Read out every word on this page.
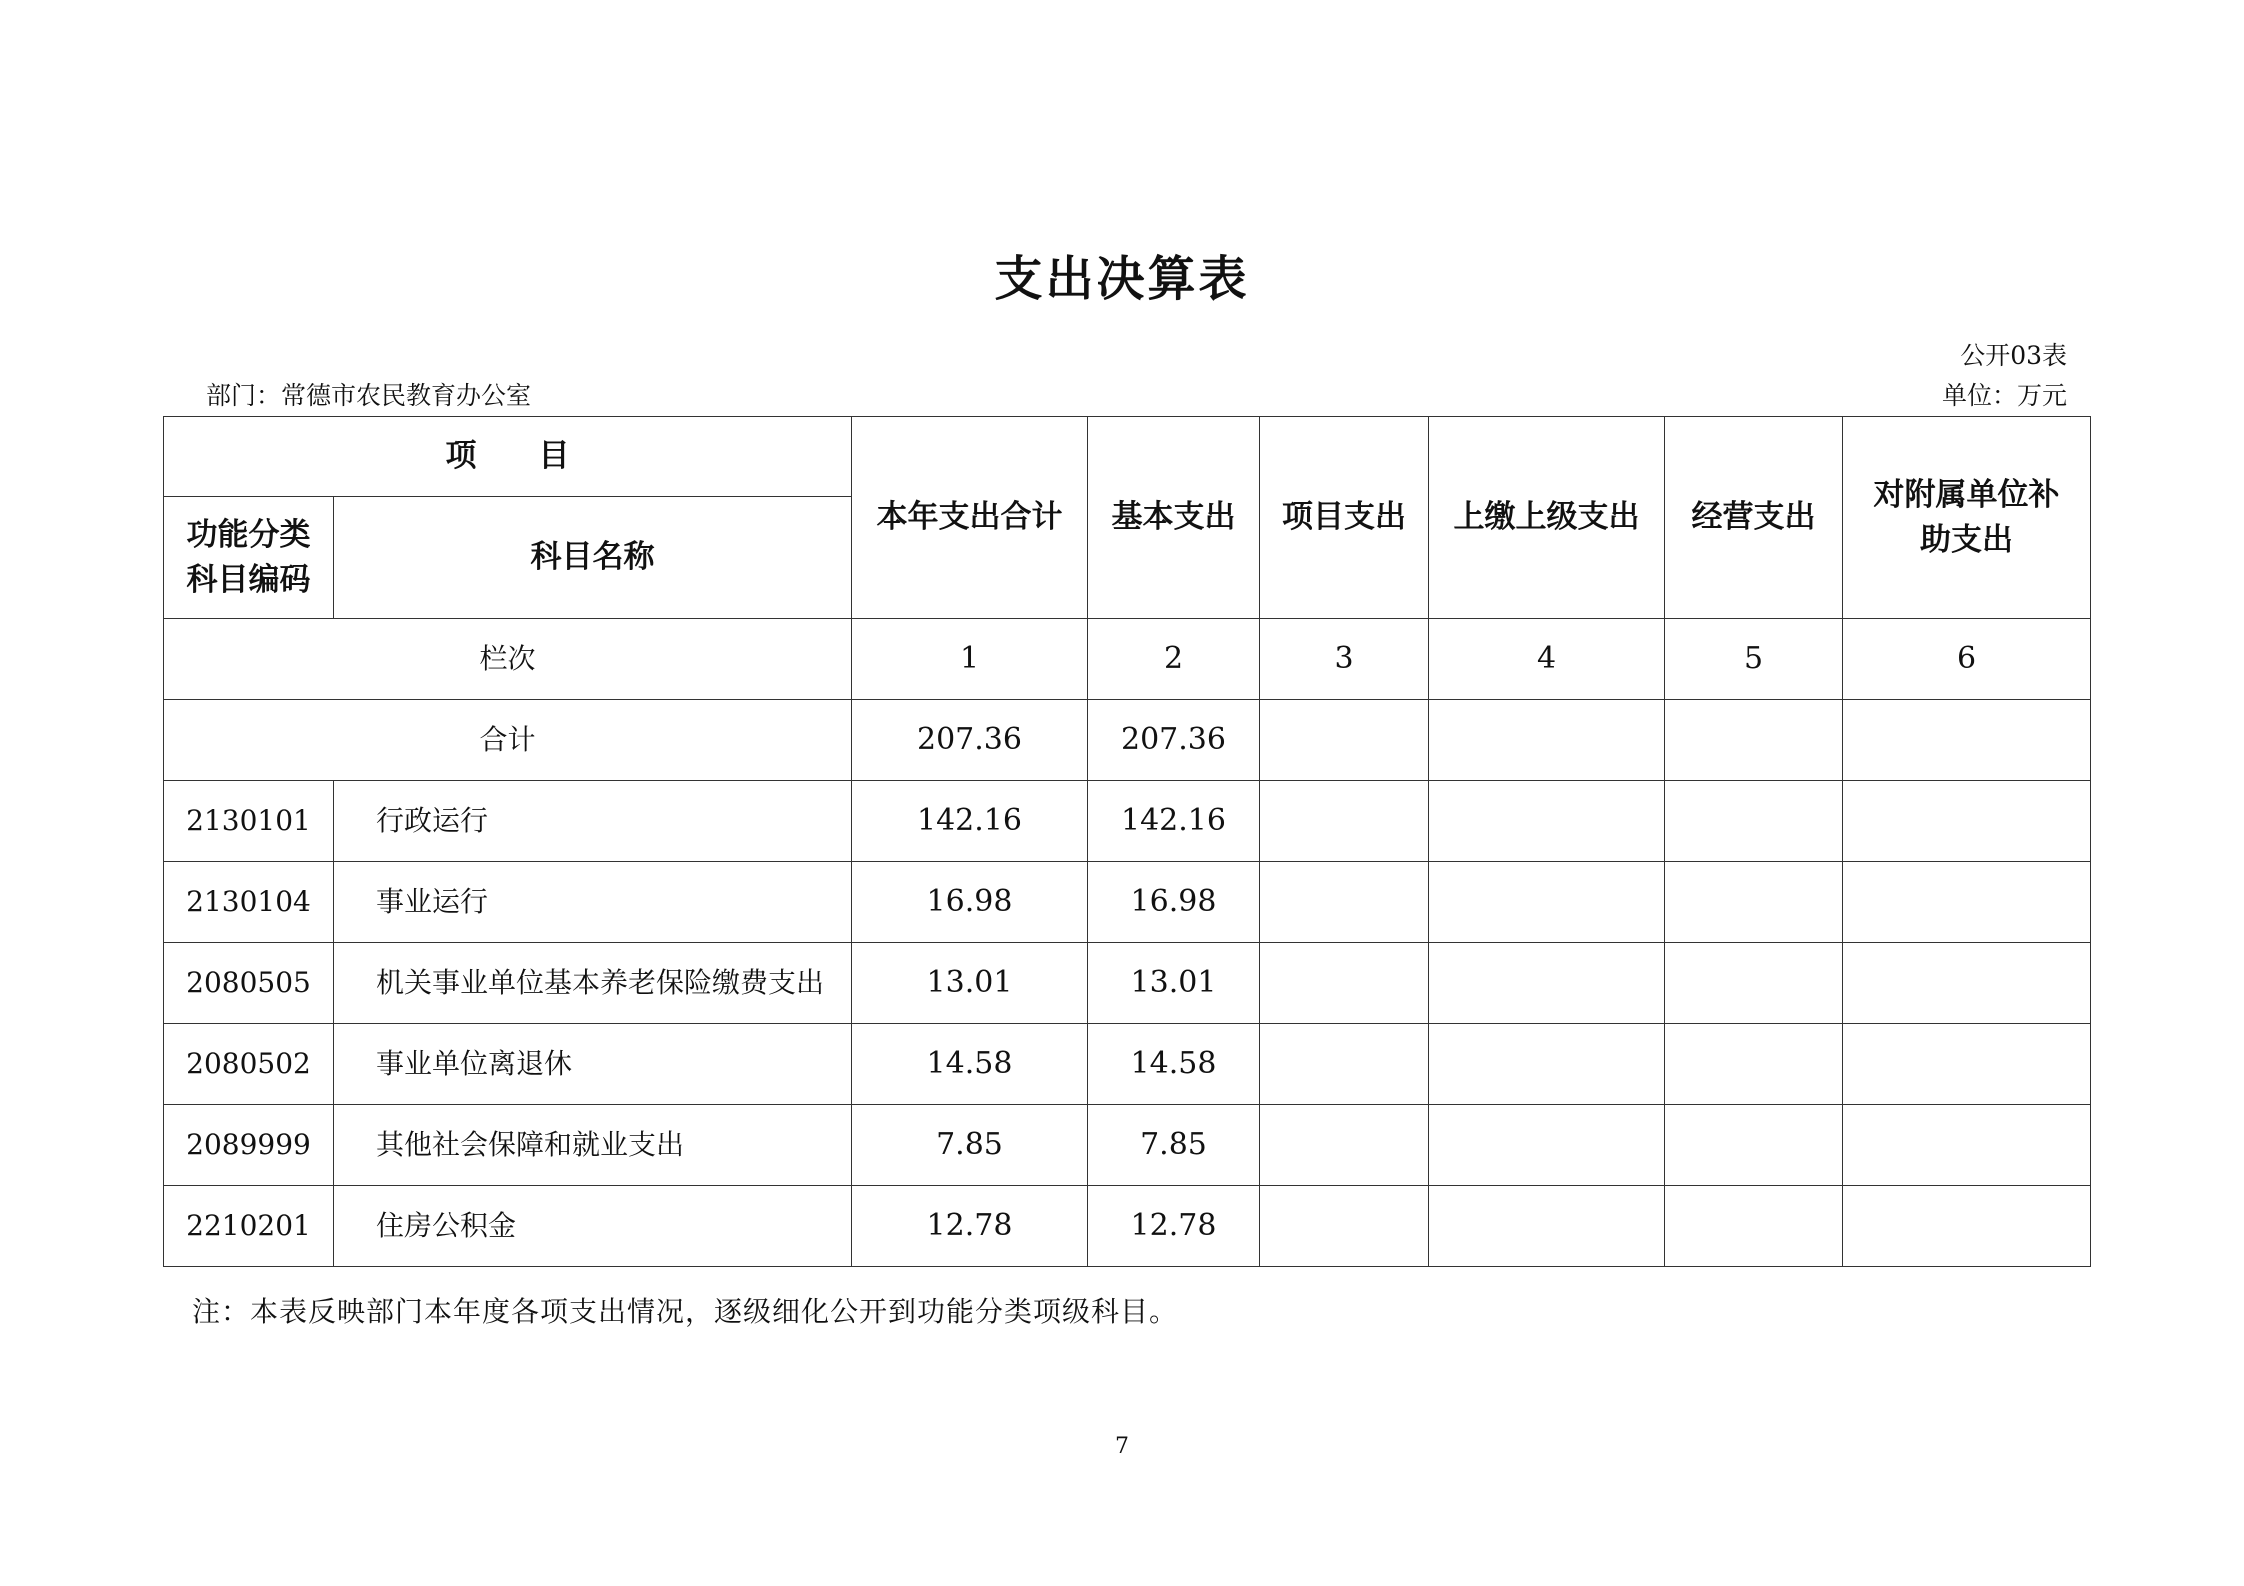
支出决算表
公开03表
部门：常德市农民教育办公室	单位：万元
项　　目		本年支出合计	基本支出	项目支出	上缴上级支出	经营支出	对附属单位补助支出
功能分类科目编码	科目名称						
栏次		1	2	3	4	5	6
合计		207.36	207.36				
2130101	行政运行	142.16	142.16				
2130104	事业运行	16.98	16.98				
2080505	机关事业单位基本养老保险缴费支出	13.01	13.01				
2080502	事业单位离退休	14.58	14.58				
2089999	其他社会保障和就业支出	7.85	7.85				
2210201	住房公积金	12.78	12.78				
注：本表反映部门本年度各项支出情况，逐级细化公开到功能分类项级科目。
7
